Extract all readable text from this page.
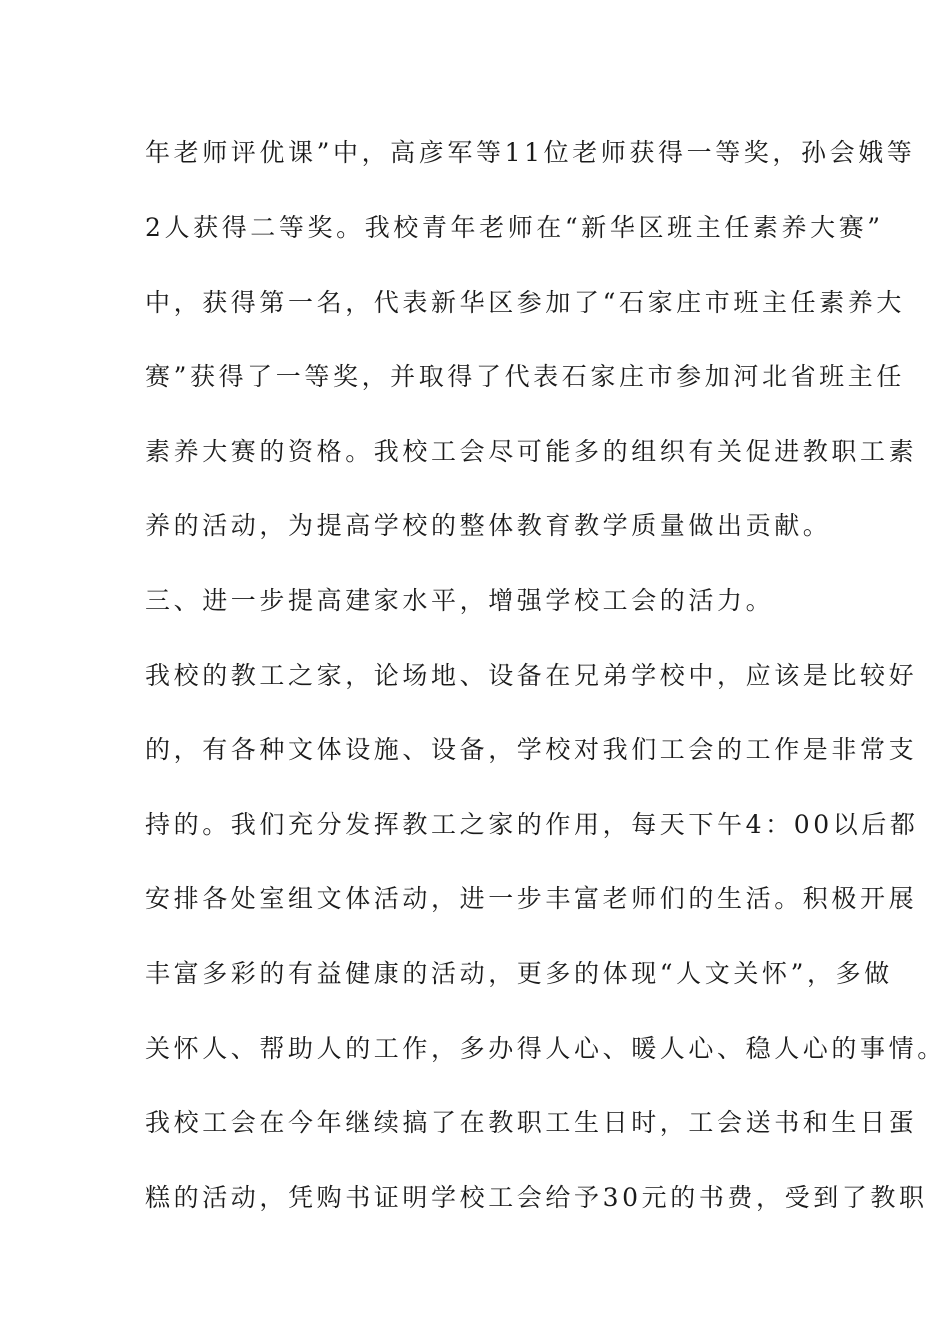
年老师评优课”中，高彦军等11位老师获得一等奖，孙会娥等
2人获得二等奖。我校青年老师在“新华区班主任素养大赛”
中，获得第一名，代表新华区参加了“石家庄市班主任素养大
赛”获得了一等奖，并取得了代表石家庄市参加河北省班主任
素养大赛的资格。我校工会尽可能多的组织有关促进教职工素
养的活动，为提高学校的整体教育教学质量做出贡献。
三、进一步提高建家水平，增强学校工会的活力。
我校的教工之家，论场地、设备在兄弟学校中，应该是比较好
的，有各种文体设施、设备，学校对我们工会的工作是非常支
持的。我们充分发挥教工之家的作用，每天下午4：00以后都
安排各处室组文体活动，进一步丰富老师们的生活。积极开展
丰富多彩的有益健康的活动，更多的体现“人文关怀”，多做
关怀人、帮助人的工作，多办得人心、暖人心、稳人心的事情。
我校工会在今年继续搞了在教职工生日时，工会送书和生日蛋
糕的活动，凭购书证明学校工会给予30元的书费，受到了教职
